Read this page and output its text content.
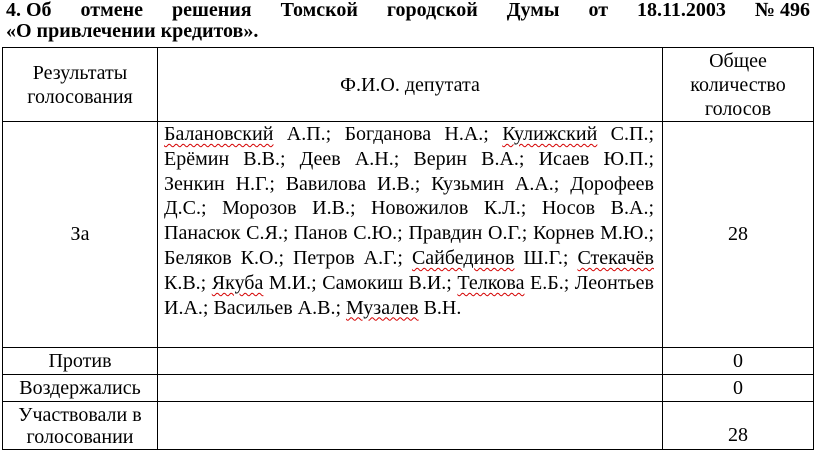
4. Об отмене решения Томской городской Думы от 18.11.2003 № 496
«О привлечении кредитов».
Результаты голосования	Ф.И.О. депутата	Общее количество голосов
За	Балановский А.П.; Богданова Н.А.; Кулижский С.П.; Ерёмин В.В.; Деев А.Н.; Верин В.А.; Исаев Ю.П.; Зенкин Н.Г.; Вавилова И.В.; Кузьмин А.А.; Дорофеев Д.С.; Морозов И.В.; Новожилов К.Л.; Носов В.А.; Панасюк С.Я.; Панов С.Ю.; Правдин О.Г.; Корнев М.Ю.; Беляков К.О.; Петров А.Г.; Сайбединов Ш.Г.; Стекачёв К.В.; Якуба М.И.; Самокиш В.И.; Телкова Е.Б.; Леонтьев И.А.; Васильев А.В.; Музалев В.Н.	28
Против		0
Воздержались		0
Участвовали в голосовании		28
